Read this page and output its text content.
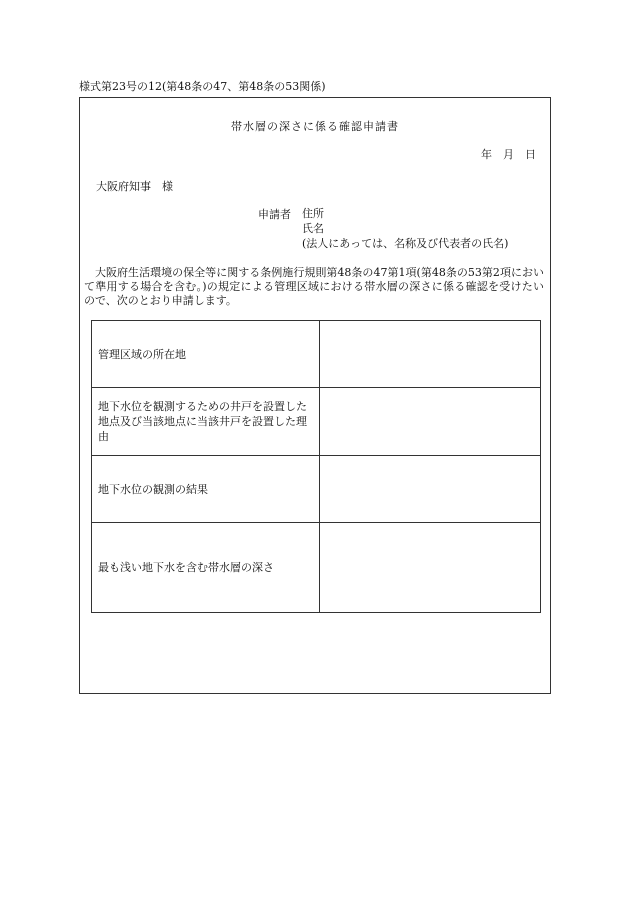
様式第23号の12(第48条の47、第48条の53関係)
帯水層の深さに係る確認申請書
年　月　日
大阪府知事　様
申請者 住所
氏名
(法人にあっては、名称及び代表者の氏名)
大阪府生活環境の保全等に関する条例施行規則第48条の47第1項(第48条の53第2項において準用する場合を含む。)の規定による管理区域における帯水層の深さに係る確認を受けたいので、次のとおり申請します。
管理区域の所在地	
地下水位を観測するための井戸を設置した地点及び当該地点に当該井戸を設置した理由	
地下水位の観測の結果	
最も浅い地下水を含む帯水層の深さ	
